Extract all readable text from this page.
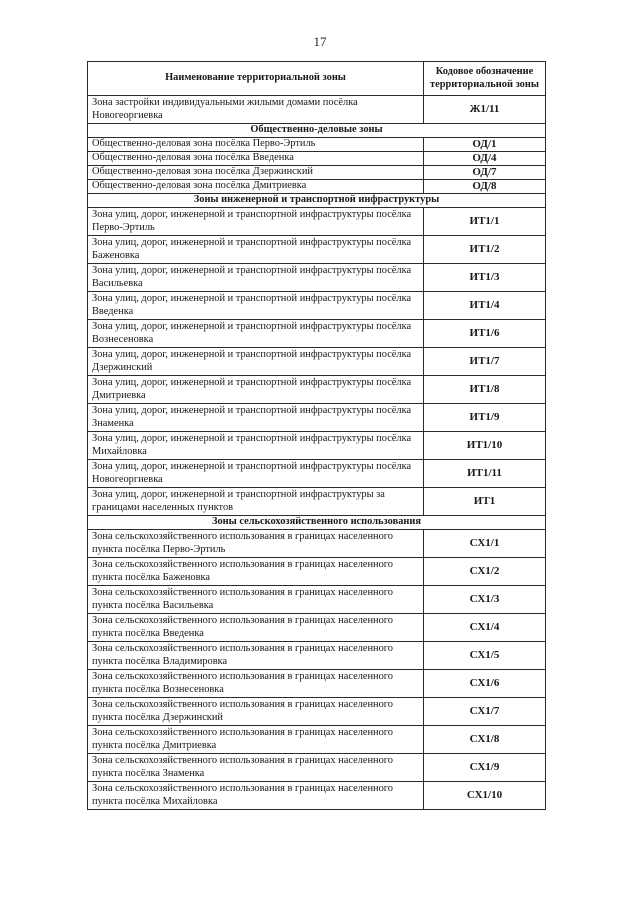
17
Наименование территориальной зоны	Кодовое обозначение территориальной зоны
Зона застройки индивидуальными жилыми домами посёлка Новогеоргиевка	Ж1/11
Общественно-деловые зоны	
Общественно-деловая зона посёлка Перво-Эртиль	ОД/1
Общественно-деловая зона посёлка Введенка	ОД/4
Общественно-деловая зона посёлка Дзержинский	ОД/7
Общественно-деловая зона посёлка Дмитриевка	ОД/8
Зоны инженерной и транспортной инфраструктуры	
Зона улиц, дорог, инженерной и транспортной инфраструктуры посёлка Перво-Эртиль	ИТ1/1
Зона улиц, дорог, инженерной и транспортной инфраструктуры посёлка Баженовка	ИТ1/2
Зона улиц, дорог, инженерной и транспортной инфраструктуры посёлка Васильевка	ИТ1/3
Зона улиц, дорог, инженерной и транспортной инфраструктуры посёлка Введенка	ИТ1/4
Зона улиц, дорог, инженерной и транспортной инфраструктуры посёлка Вознесеновка	ИТ1/6
Зона улиц, дорог, инженерной и транспортной инфраструктуры посёлка Дзержинский	ИТ1/7
Зона улиц, дорог, инженерной и транспортной инфраструктуры посёлка Дмитриевка	ИТ1/8
Зона улиц, дорог, инженерной и транспортной инфраструктуры посёлка Знаменка	ИТ1/9
Зона улиц, дорог, инженерной и транспортной инфраструктуры посёлка Михайловка	ИТ1/10
Зона улиц, дорог, инженерной и транспортной инфраструктуры посёлка Новогеоргиевка	ИТ1/11
Зона улиц, дорог, инженерной и транспортной инфраструктуры за границами населенных пунктов	ИТ1
Зоны сельскохозяйственного использования	
Зона сельскохозяйственного использования в границах населенного пункта посёлка Перво-Эртиль	СХ1/1
Зона сельскохозяйственного использования в границах населенного пункта посёлка Баженовка	СХ1/2
Зона сельскохозяйственного использования в границах населенного пункта посёлка Васильевка	СХ1/3
Зона сельскохозяйственного использования в границах населенного пункта посёлка Введенка	СХ1/4
Зона сельскохозяйственного использования в границах населенного пункта посёлка Владимировка	СХ1/5
Зона сельскохозяйственного использования в границах населенного пункта посёлка Вознесеновка	СХ1/6
Зона сельскохозяйственного использования в границах населенного пункта посёлка Дзержинский	СХ1/7
Зона сельскохозяйственного использования в границах населенного пункта посёлка Дмитриевка	СХ1/8
Зона сельскохозяйственного использования в границах населенного пункта посёлка Знаменка	СХ1/9
Зона сельскохозяйственного использования в границах населенного пункта посёлка Михайловка	СХ1/10
